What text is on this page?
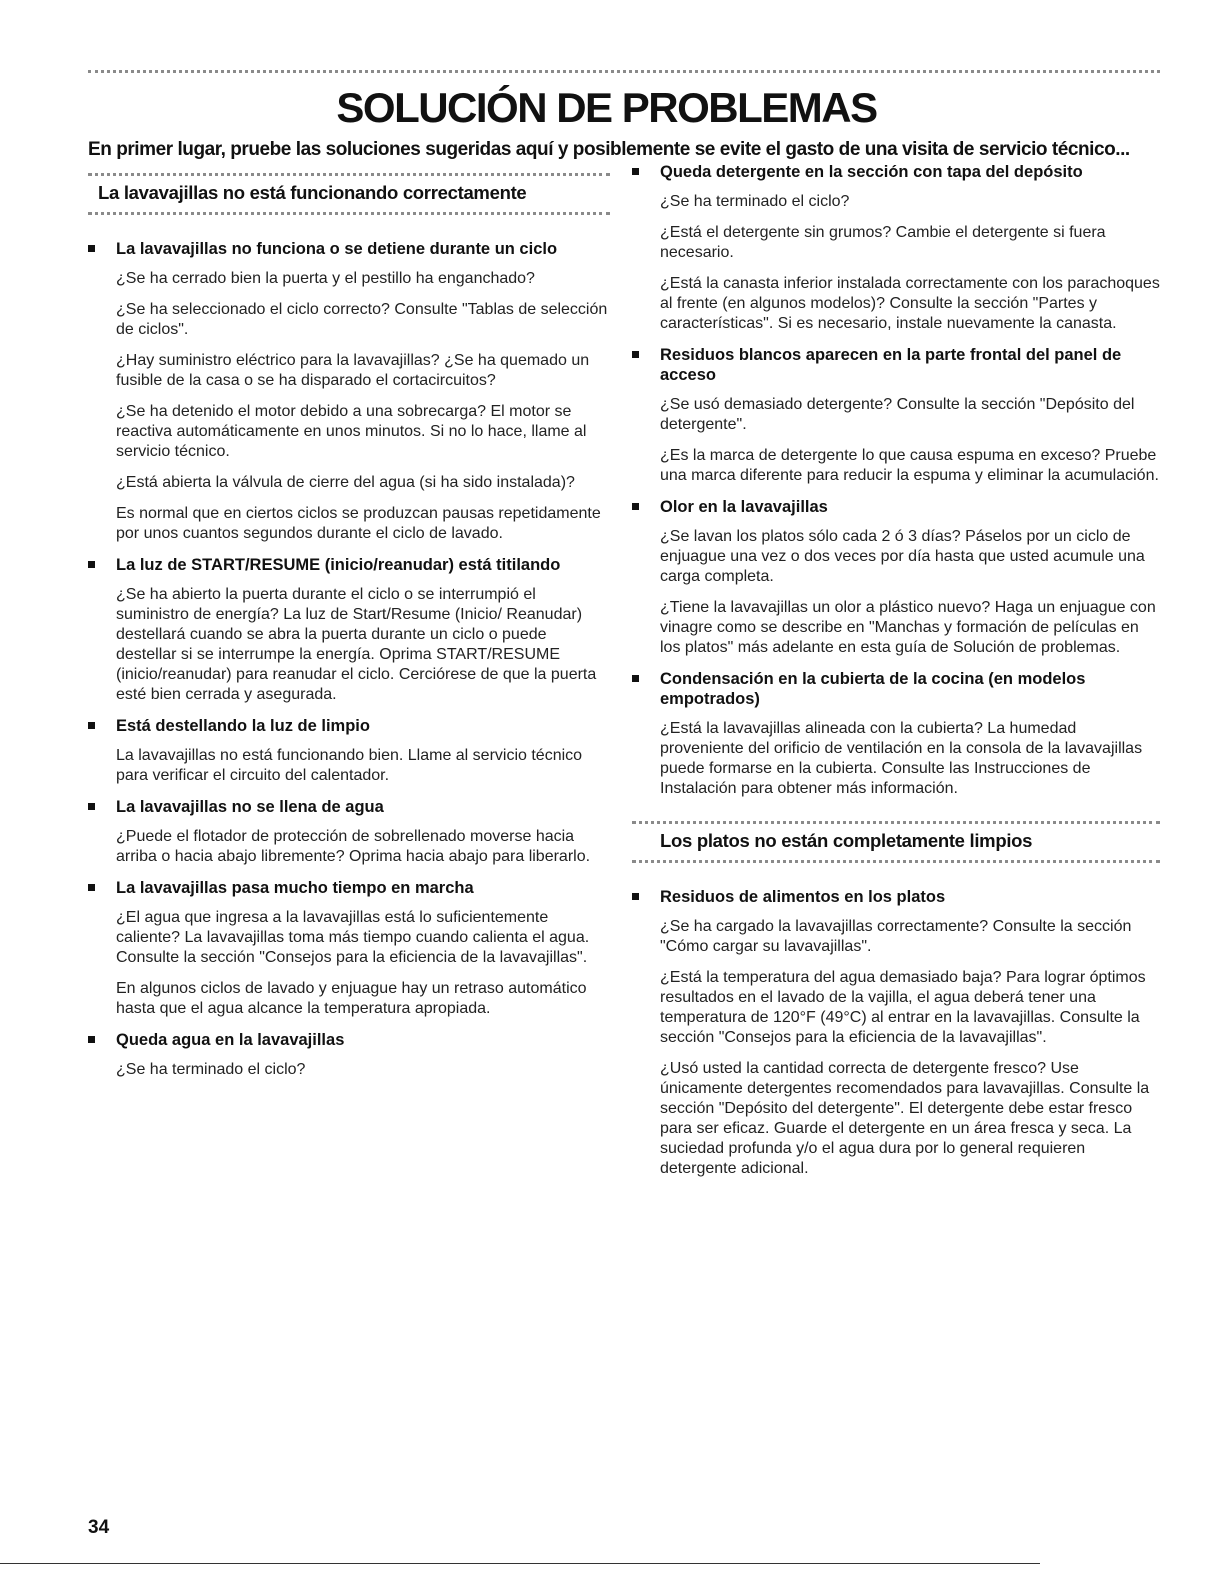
SOLUCIÓN DE PROBLEMAS

En primer lugar, pruebe las soluciones sugeridas aquí y posiblemente se evite el gasto de una visita de servicio técnico...

La lavavajillas no está funcionando correctamente
La lavavajillas no funciona o se detiene durante un ciclo

¿Se ha cerrado bien la puerta y el pestillo ha enganchado?

¿Se ha seleccionado el ciclo correcto? Consulte "Tablas de selección de ciclos".

¿Hay suministro eléctrico para la lavavajillas? ¿Se ha quemado un fusible de la casa o se ha disparado el cortacircuitos?

¿Se ha detenido el motor debido a una sobrecarga? El motor se reactiva automáticamente en unos minutos. Si no lo hace, llame al servicio técnico.

¿Está abierta la válvula de cierre del agua (si ha sido instalada)?

Es normal que en ciertos ciclos se produzcan pausas repetidamente por unos cuantos segundos durante el ciclo de lavado.

La luz de START/RESUME (inicio/reanudar) está titilando

¿Se ha abierto la puerta durante el ciclo o se interrumpió el suministro de energía? La luz de Start/Resume (Inicio/ Reanudar) destellará cuando se abra la puerta durante un ciclo o puede destellar si se interrumpe la energía. Oprima START/RESUME (inicio/reanudar) para reanudar el ciclo. Cerciórese de que la puerta esté bien cerrada y asegurada.

Está destellando la luz de limpio

La lavavajillas no está funcionando bien. Llame al servicio técnico para verificar el circuito del calentador.

La lavavajillas no se llena de agua

¿Puede el flotador de protección de sobrellenado moverse hacia arriba o hacia abajo libremente? Oprima hacia abajo para liberarlo.

La lavavajillas pasa mucho tiempo en marcha

¿El agua que ingresa a la lavavajillas está lo suficientemente caliente? La lavavajillas toma más tiempo cuando calienta el agua. Consulte la sección "Consejos para la eficiencia de la lavavajillas".

En algunos ciclos de lavado y enjuague hay un retraso automático hasta que el agua alcance la temperatura apropiada.

Queda agua en la lavavajillas

¿Se ha terminado el ciclo?

Queda detergente en la sección con tapa del depósito

¿Se ha terminado el ciclo?

¿Está el detergente sin grumos? Cambie el detergente si fuera necesario.

¿Está la canasta inferior instalada correctamente con los parachoques al frente (en algunos modelos)? Consulte la sección "Partes y características". Si es necesario, instale nuevamente la canasta.

Residuos blancos aparecen en la parte frontal del panel de acceso

¿Se usó demasiado detergente? Consulte la sección "Depósito del detergente".

¿Es la marca de detergente lo que causa espuma en exceso? Pruebe una marca diferente para reducir la espuma y eliminar la acumulación.

Olor en la lavavajillas

¿Se lavan los platos sólo cada 2 ó 3 días? Páselos por un ciclo de enjuague una vez o dos veces por día hasta que usted acumule una carga completa.

¿Tiene la lavavajillas un olor a plástico nuevo? Haga un enjuague con vinagre como se describe en "Manchas y formación de películas en los platos" más adelante en esta guía de Solución de problemas.

Condensación en la cubierta de la cocina (en modelos empotrados)

¿Está la lavavajillas alineada con la cubierta? La humedad proveniente del orificio de ventilación en la consola de la lavavajillas puede formarse en la cubierta. Consulte las Instrucciones de Instalación para obtener más información.

Los platos no están completamente limpios
Residuos de alimentos en los platos

¿Se ha cargado la lavavajillas correctamente? Consulte la sección "Cómo cargar su lavavajillas".

¿Está la temperatura del agua demasiado baja? Para lograr óptimos resultados en el lavado de la vajilla, el agua deberá tener una temperatura de 120°F (49°C) al entrar en la lavavajillas. Consulte la sección "Consejos para la eficiencia de la lavavajillas".

¿Usó usted la cantidad correcta de detergente fresco? Use únicamente detergentes recomendados para lavavajillas. Consulte la sección "Depósito del detergente". El detergente debe estar fresco para ser eficaz. Guarde el detergente en un área fresca y seca. La suciedad profunda y/o el agua dura por lo general requieren detergente adicional.

34
